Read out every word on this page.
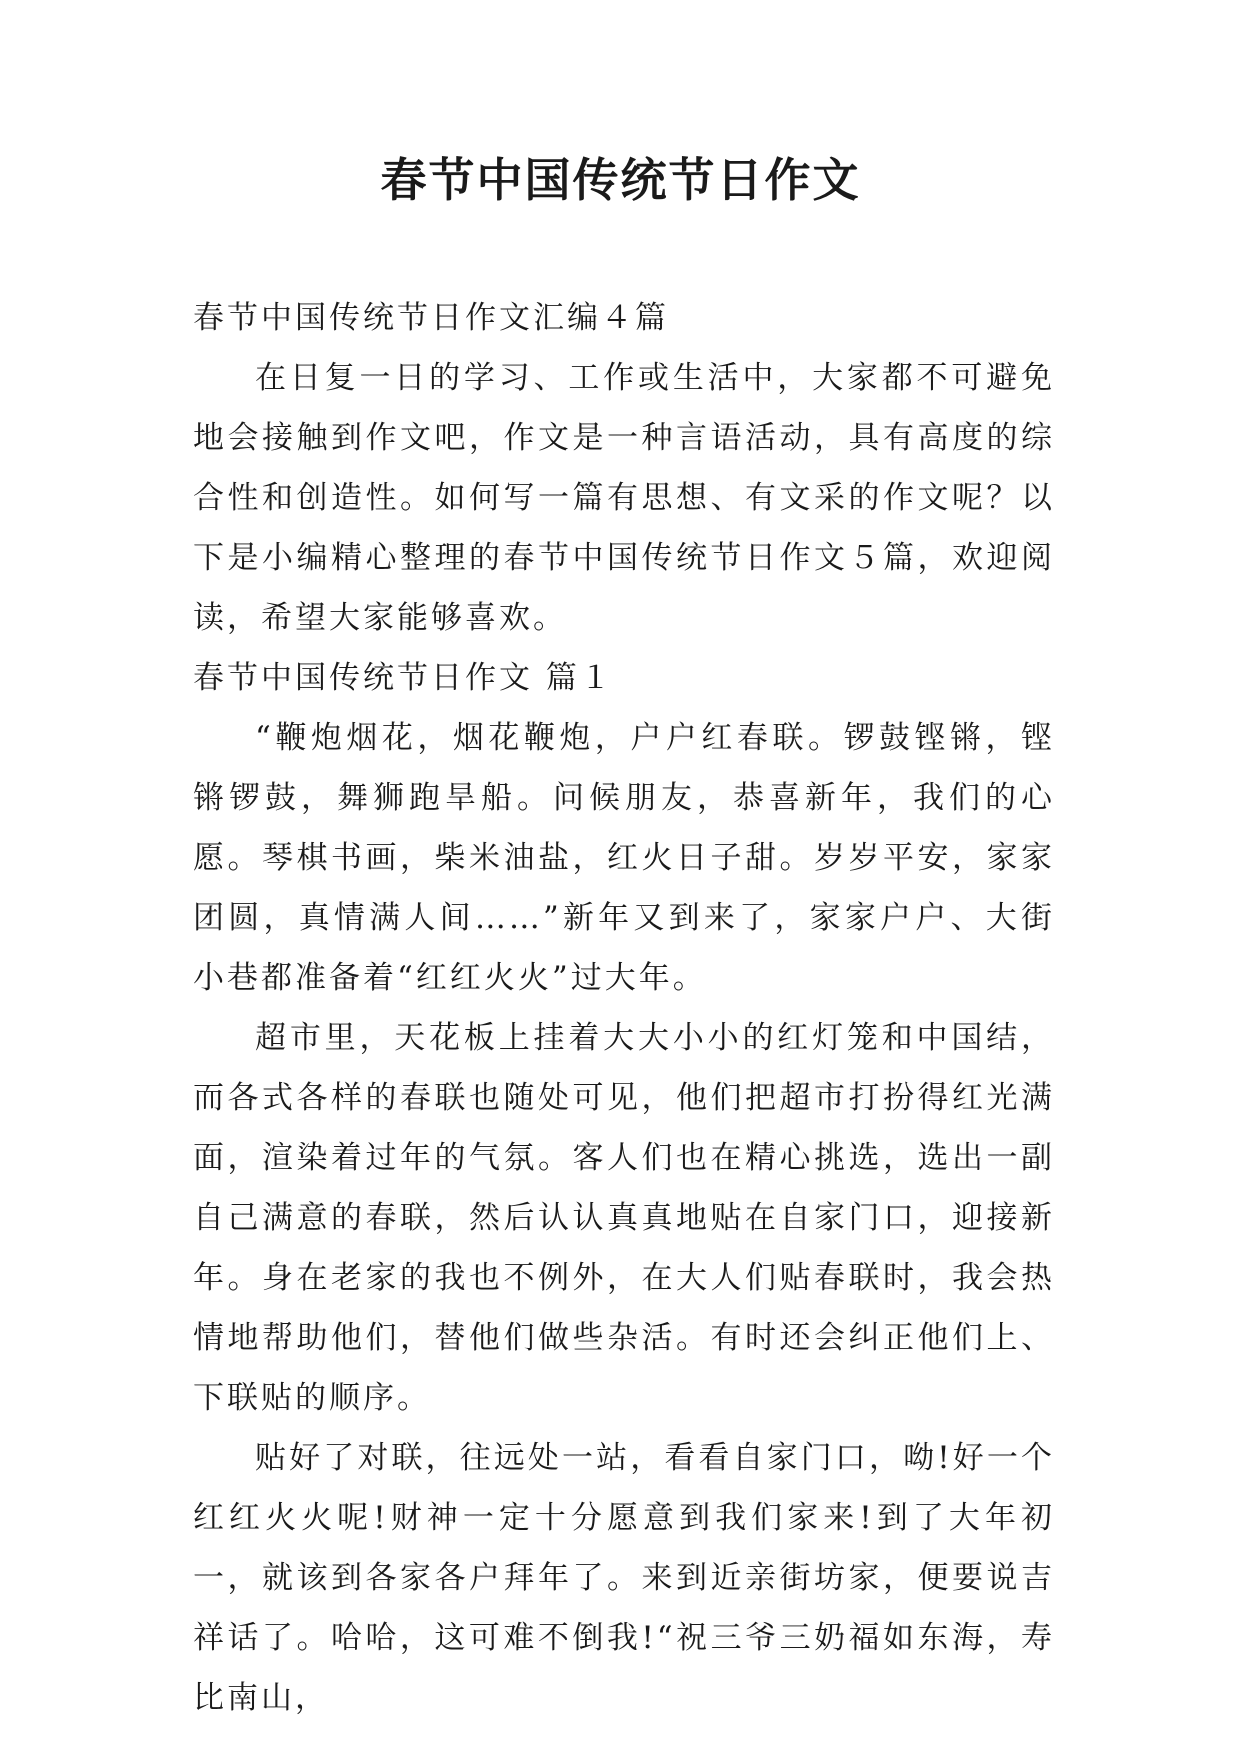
春节中国传统节日作文

春节中国传统节日作文汇编４篇

在日复一日的学习、工作或生活中，大家都不可避免地会接触到作文吧，作文是一种言语活动，具有高度的综合性和创造性。如何写一篇有思想、有文采的作文呢？以下是小编精心整理的春节中国传统节日作文５篇，欢迎阅读，希望大家能够喜欢。

春节中国传统节日作文 篇１

“鞭炮烟花，烟花鞭炮，户户红春联。锣鼓铿锵，铿锵锣鼓，舞狮跑旱船。问候朋友，恭喜新年，我们的心愿。琴棋书画，柴米油盐，红火日子甜。岁岁平安，家家团圆，真情满人间……”新年又到来了，家家户户、大街小巷都准备着“红红火火”过大年。

超市里，天花板上挂着大大小小的红灯笼和中国结，而各式各样的春联也随处可见，他们把超市打扮得红光满面，渲染着过年的气氛。客人们也在精心挑选，选出一副自己满意的春联，然后认认真真地贴在自家门口，迎接新年。身在老家的我也不例外，在大人们贴春联时，我会热情地帮助他们，替他们做些杂活。有时还会纠正他们上、下联贴的顺序。

贴好了对联，往远处一站，看看自家门口，呦!好一个红红火火呢!财神一定十分愿意到我们家来!到了大年初一，就该到各家各户拜年了。来到近亲街坊家，便要说吉祥话了。哈哈，这可难不倒我!“祝三爷三奶福如东海，寿比南山，
